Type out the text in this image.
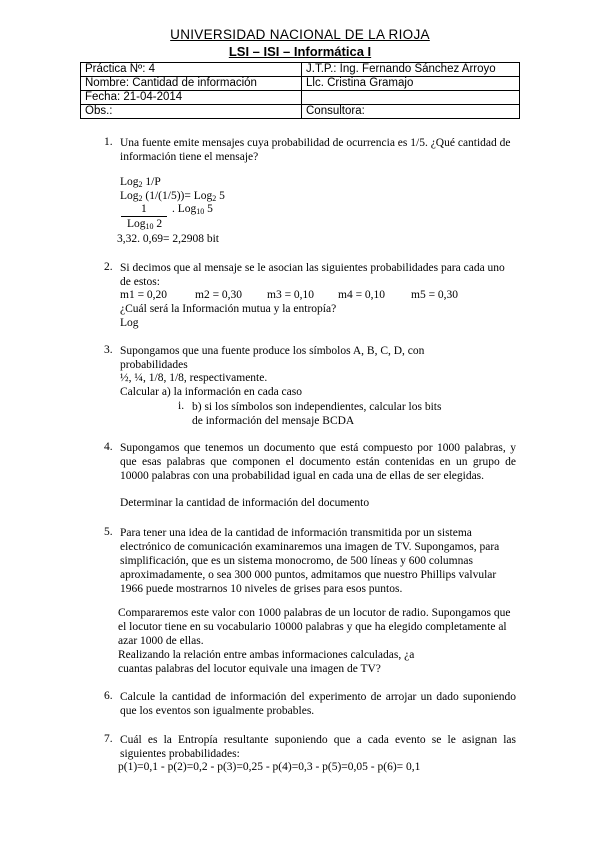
UNIVERSIDAD NACIONAL DE LA RIOJA
LSI – ISI – Informática I
Práctica Nº: 4	J.T.P.: Ing. Fernando Sánchez Arroyo
Nombre: Cantidad de información	Llc. Cristina Gramajo
Fecha: 21-04-2014	
Obs.:	Consultora:
1. Una fuente emite mensajes cuya probabilidad de ocurrencia es 1/5. ¿Qué cantidad de información tiene el mensaje?
Log$_2$ 1/P
Log$_2$ (1/(1/5))= Log$_2$ 5
1 . Log$_{10}$ 5
Log$_{10}$ 2
3,32. 0,69= 2,2908 bit
2. Si decimos que al mensaje se le asocian las siguientes probabilidades para cada uno de estos:
m1 = 0,20 m2 = 0,30 m3 = 0,10 m4 = 0,10 m5 = 0,30
¿Cuál será la Información mutua y la entropía?
Log
3. Supongamos que una fuente produce los símbolos A, B, C, D, con probabilidades
½, ¼, 1/8, 1/8, respectivamente.
Calcular a) la información en cada caso
i. b) si los símbolos son independientes, calcular los bits de información del mensaje BCDA
4. Supongamos que tenemos un documento que está compuesto por 1000 palabras, y que esas palabras que componen el documento están contenidas en un grupo de 10000 palabras con una probabilidad igual en cada una de ellas de ser elegidas.
Determinar la cantidad de información del documento
5. Para tener una idea de la cantidad de información transmitida por un sistema electrónico de comunicación examinaremos una imagen de TV. Supongamos, para simplificación, que es un sistema monocromo, de 500 líneas y 600 columnas aproximadamente, o sea 300 000 puntos, admitamos que nuestro Phillips valvular 1966 puede mostrarnos 10 niveles de grises para esos puntos.
Compararemos este valor con 1000 palabras de un locutor de radio. Supongamos que el locutor tiene en su vocabulario 10000 palabras y que ha elegido completamente al azar 1000 de ellas.
Realizando la relación entre ambas informaciones calculadas, ¿a cuantas palabras del locutor equivale una imagen de TV?
6. Calcule la cantidad de información del experimento de arrojar un dado suponiendo que los eventos son igualmente probables.
7. Cuál es la Entropía resultante suponiendo que a cada evento se le asignan las siguientes probabilidades:
p(1)=0,1 - p(2)=0,2 - p(3)=0,25 - p(4)=0,3 - p(5)=0,05 - p(6)= 0,1
